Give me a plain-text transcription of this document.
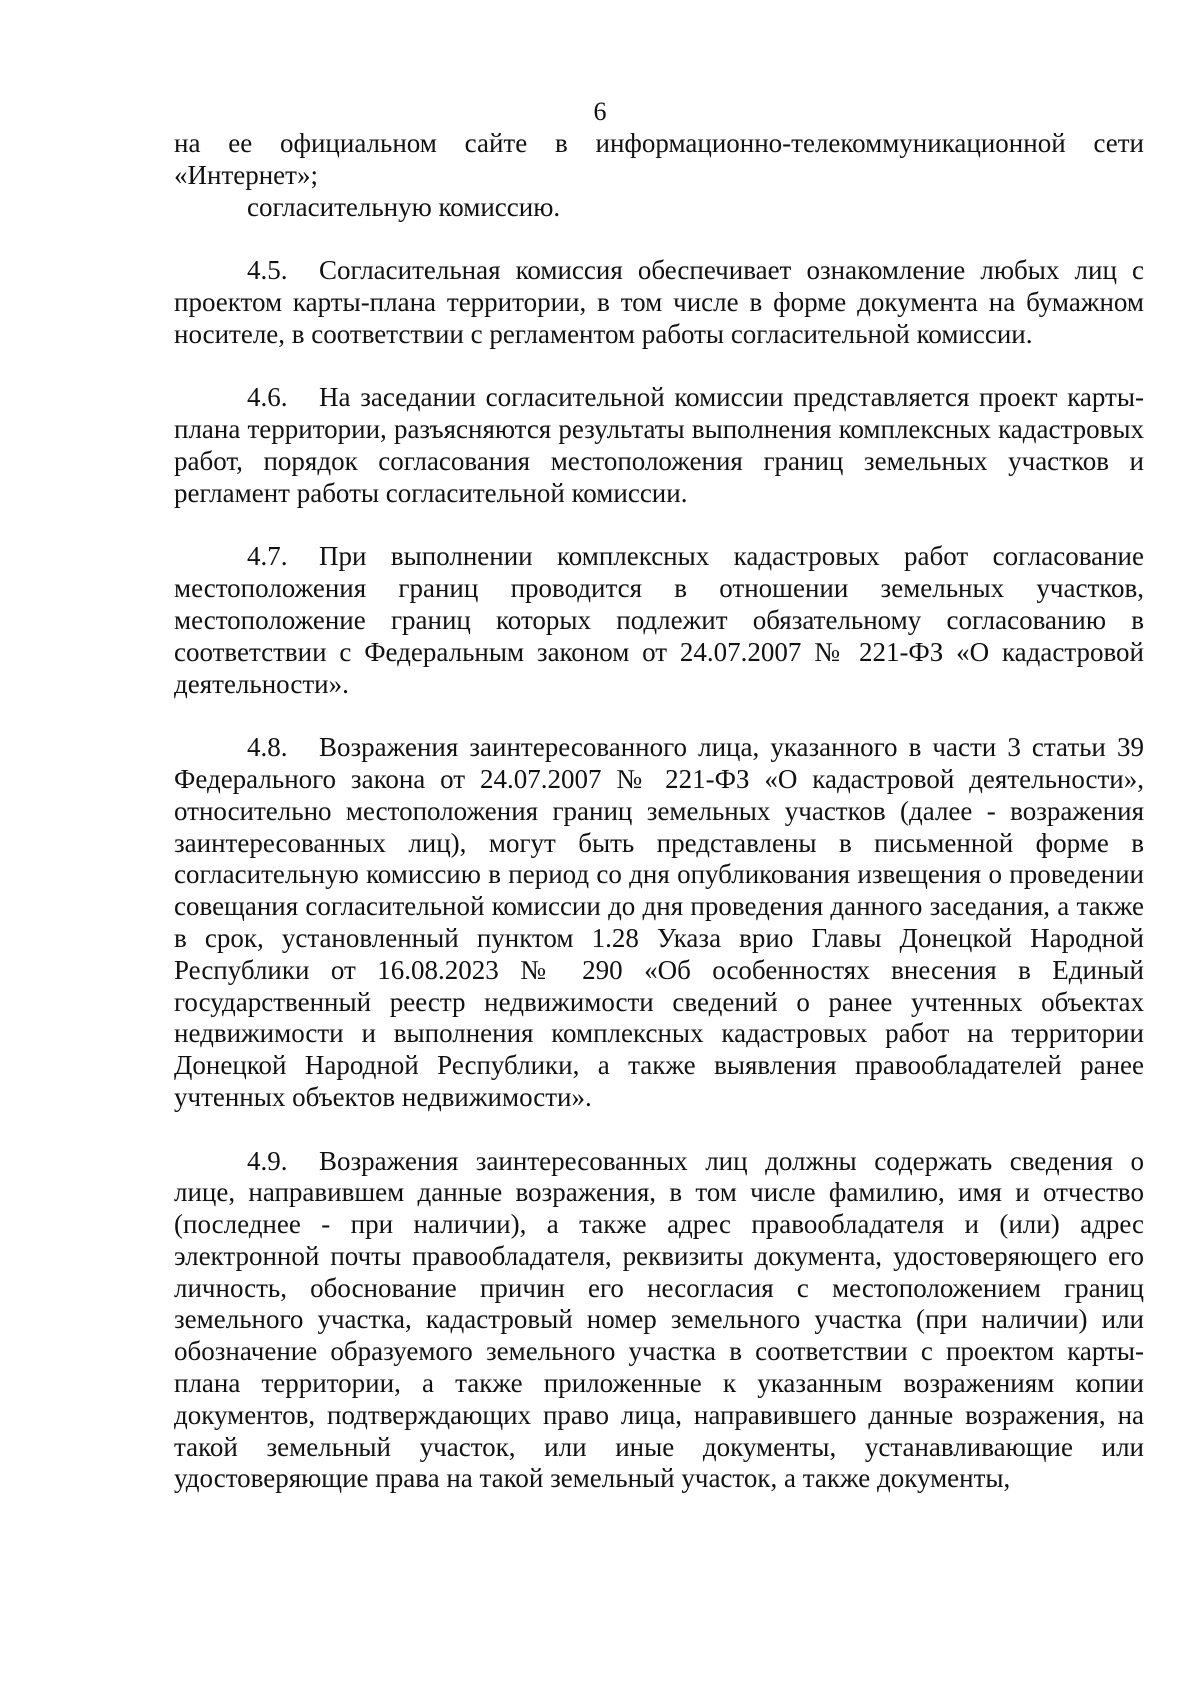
6

на ее официальном сайте в информационно-телекоммуникационной сети «Интернет»;

согласительную комиссию.

4.5. Согласительная комиссия обеспечивает ознакомление любых лиц с проектом карты-плана территории, в том числе в форме документа на бумажном носителе, в соответствии с регламентом работы согласительной комиссии.

4.6. На заседании согласительной комиссии представляется проект карты-плана территории, разъясняются результаты выполнения комплексных кадастровых работ, порядок согласования местоположения границ земельных участков и регламент работы согласительной комиссии.

4.7. При выполнении комплексных кадастровых работ согласование местоположения границ проводится в отношении земельных участков, местоположение границ которых подлежит обязательному согласованию в соответствии с Федеральным законом от 24.07.2007 № 221-ФЗ «О кадастровой деятельности».

4.8. Возражения заинтересованного лица, указанного в части 3 статьи 39 Федерального закона от 24.07.2007 № 221-ФЗ «О кадастровой деятельности», относительно местоположения границ земельных участков (далее - возражения заинтересованных лиц), могут быть представлены в письменной форме в согласительную комиссию в период со дня опубликования извещения о проведении совещания согласительной комиссии до дня проведения данного заседания, а также в срок, установленный пунктом 1.28 Указа врио Главы Донецкой Народной Республики от 16.08.2023 № 290 «Об особенностях внесения в Единый государственный реестр недвижимости сведений о ранее учтенных объектах недвижимости и выполнения комплексных кадастровых работ на территории Донецкой Народной Республики, а также выявления правообладателей ранее учтенных объектов недвижимости».

4.9. Возражения заинтересованных лиц должны содержать сведения о лице, направившем данные возражения, в том числе фамилию, имя и отчество (последнее - при наличии), а также адрес правообладателя и (или) адрес электронной почты правообладателя, реквизиты документа, удостоверяющего его личность, обоснование причин его несогласия с местоположением границ земельного участка, кадастровый номер земельного участка (при наличии) или обозначение образуемого земельного участка в соответствии с проектом карты-плана территории, а также приложенные к указанным возражениям копии документов, подтверждающих право лица, направившего данные возражения, на такой земельный участок, или иные документы, устанавливающие или удостоверяющие права на такой земельный участок, а также документы,
